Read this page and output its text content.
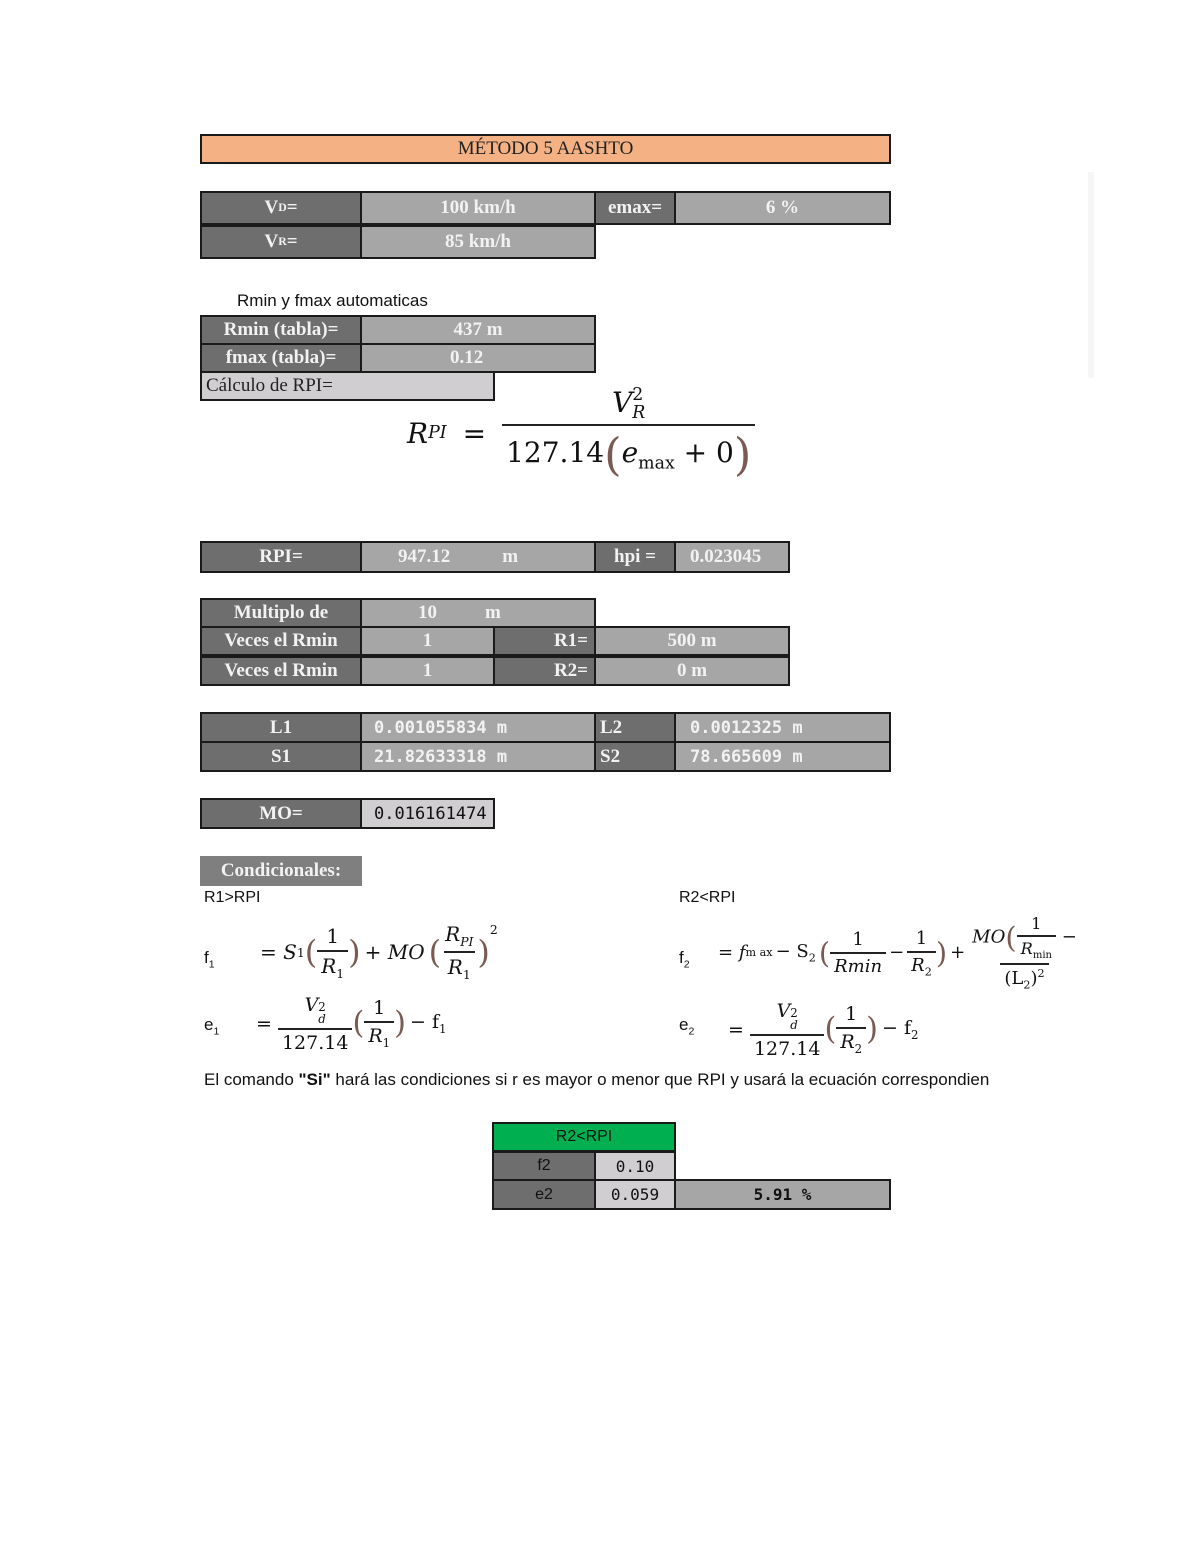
MÉTODO 5 AASHTO
V D =	100 km/h	emax=	6 %
V R =	85 km/h
Rmin y fmax automaticas
Rmin (tabla)=	437 m
fmax (tabla)=	0.12
Cálculo de RPI=
R PI = V 2
R
$127.14(e_{max} + 0)$
RPI=	947.12	m	hpi = 0.023045
Multiplo de	10	m
Veces el Rmin	1	R1=	500 m
Veces el Rmin	1	R2=	0 m
L1	0.001055834 m	L2	0.0012325 m
S1	21.82633318 m	S2	78.665609 m
MO=	0.016161474
Condicionales:
R1>RPI	R2<RPI
$f_1$
=
S 1 ( $\frac{1}{R_1}$ ) + MO ( $\frac{R_{PI}}{R_1}$ )
$^2$
$e_1$ =
V 2
d
127.14 ( $\frac{1}{R_1}$ ) − $f_1$
$f_2$
=
f m ax − $S_2$ ( $\frac{1}{Rmin} - \frac{1}{R_2}$ ) + $\frac{MO( \frac{1}{R_{min}} -}{(L_2)^2}$
$e_2$ =
V 2
d
127.14 ( $\frac{1}{R_2}$ ) − $f_2$
El comando "Si" hará las condiciones si r es mayor o menor que RPI y usará la ecuación correspondien
R2<RPI
f2	0.10
e2	0.059	5.91 %
